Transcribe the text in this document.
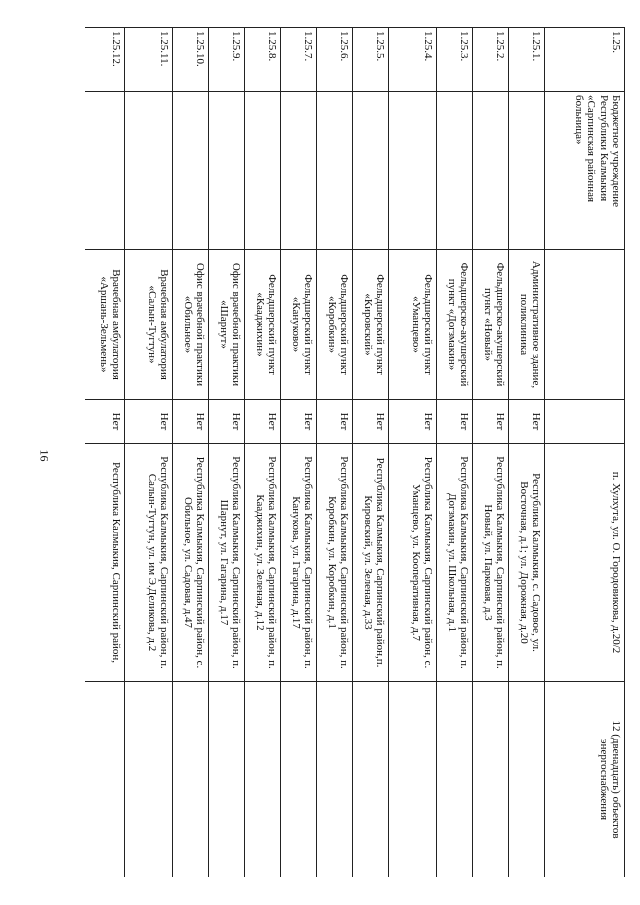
16
1.25.	Бюджетное учреждение Республики Калмыкия «Сарпинская районная больница»			п. Хулхута, ул. О. Городовикова, д.20/2	12 (двенадцать) объектов энергоснабжения
1.25.1.		Административное здание, поликлиника	Нет	Республика Калмыкия, с. Садовое, ул. Восточная, д.1; ул. Дорожная, д.20	
1.25.2.		Фельдшерско-акушерский пункт «Новый»	Нет	Республика Калмыкия, Сарпинский район, п. Новый, ул. Парковая, д.3	
1.25.3.		Фельдшерско-акушерский пункт «Догзмакин»	Нет	Республика Калмыкия, Сарпинский район, п. Догзмакин, ул. Школьная, д.1	
1.25.4.		Фельдшерский пункт «Уманцево»	Нет	Республика Калмыкия, Сарпинский район, с. Уманцево, ул. Кооперативная, д.7	
1.25.5.		Фельдшерский пункт «Кировский»	Нет	Республика Калмыкия, Сарпинский район,п. Кировский, ул. Зеленая, д.33	
1.25.6.		Фельдшерский пункт «Коробкин»	Нет	Республика Калмыкия, Сарпинский район, п. Коробкин, ул. Коробкин, д.1	
1.25.7.		Фельдшерский пункт «Кануково»	Нет	Республика Калмыкия, Сарпинский район, п. Канукова, ул. Гагарина, д.17	
1.25.8.		Фельдшерский пункт «Кааджихин»	Нет	Республика Калмыкия, Сарпинский район, п. Кааджихин, ул. Зеленая, д.12	
1.25.9.		Офис врачебной практики «Шарнут»	Нет	Республика Калмыкия, Сарпинский район, п. Шарнут, ул. Гагарина, д.17	
1.25.10.		Офис врачебной практики «Обильное»	Нет	Республика Калмыкия, Сарпинский район, с. Обильное, ул. Садовая, д.47	
1.25.11.		Врачебная амбулатория «Салын-Тугтун»	Нет	Республика Калмыкия, Сарпинский район, п. Салын-Тугтун, ул. им Э.Деликова, д.2	
1.25.12.		Врачебная амбулатория «Аршань-Зельмень»	Нет	Республика Калмыкия, Сарпинский район,	
